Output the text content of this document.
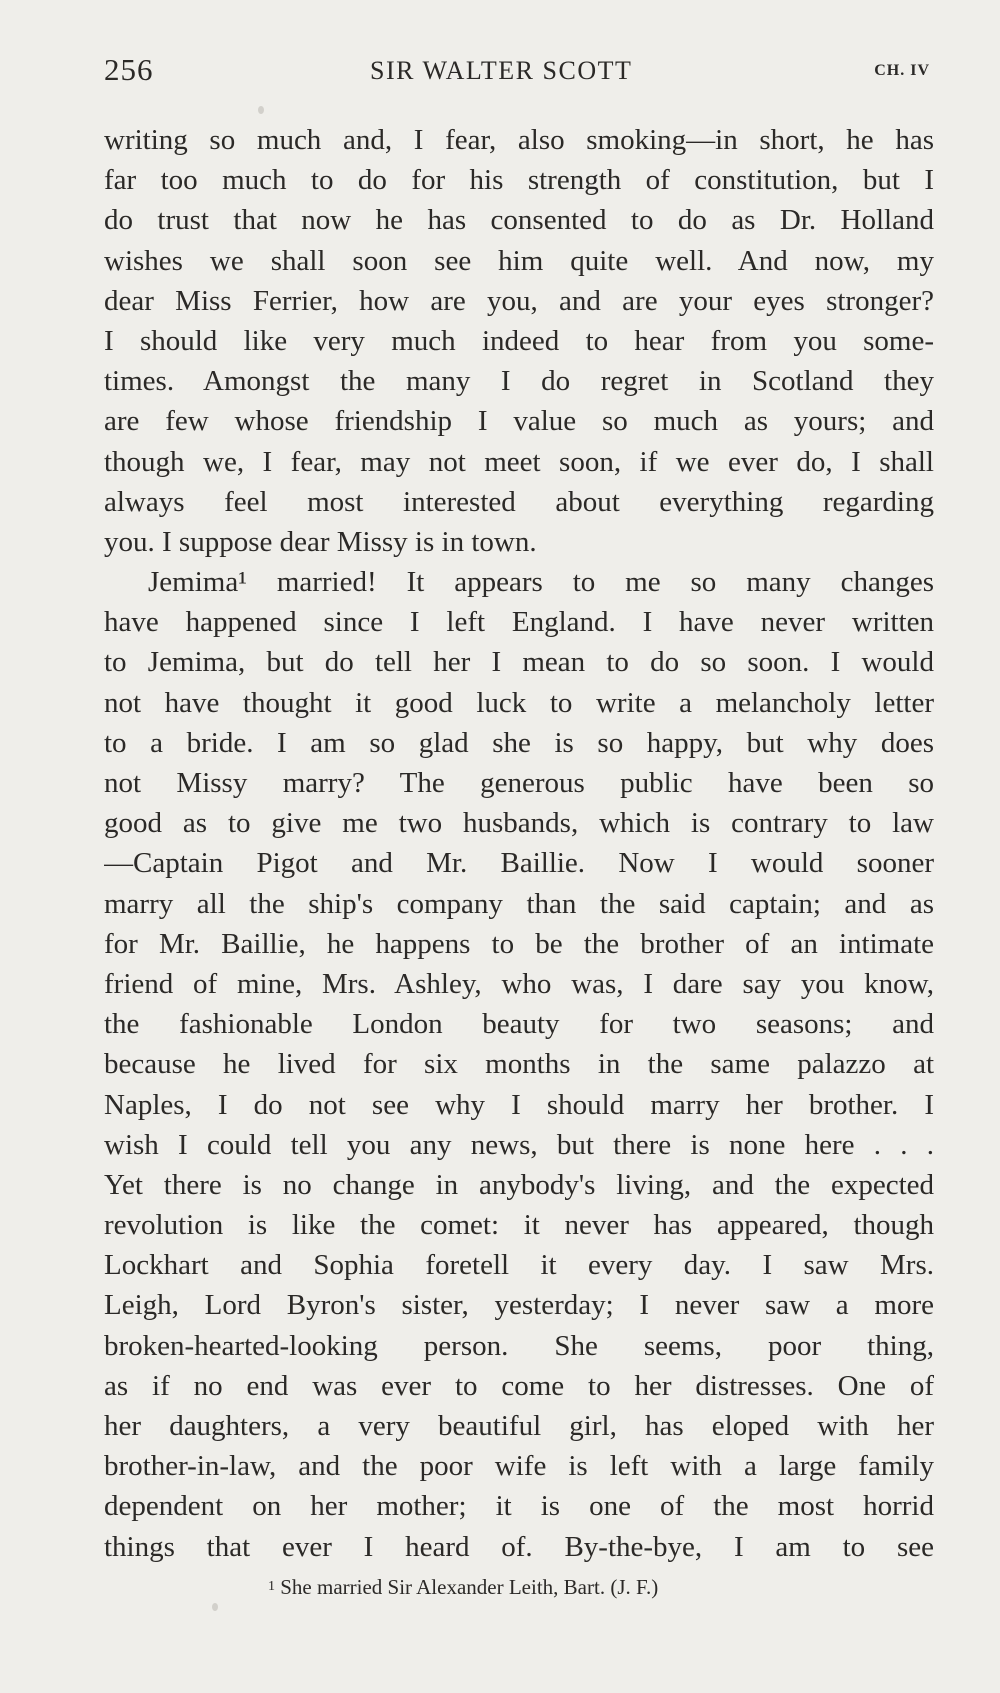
256	SIR WALTER SCOTT	CH. IV
writing so much and, I fear, also smoking—in short, he has
far too much to do for his strength of constitution, but I
do trust that now he has consented to do as Dr. Holland
wishes we shall soon see him quite well. And now, my
dear Miss Ferrier, how are you, and are your eyes stronger?
I should like very much indeed to hear from you some-
times. Amongst the many I do regret in Scotland they
are few whose friendship I value so much as yours; and
though we, I fear, may not meet soon, if we ever do, I shall
always feel most interested about everything regarding
you. I suppose dear Missy is in town.
Jemima¹ married! It appears to me so many changes
have happened since I left England. I have never written
to Jemima, but do tell her I mean to do so soon. I would
not have thought it good luck to write a melancholy letter
to a bride. I am so glad she is so happy, but why does
not Missy marry? The generous public have been so
good as to give me two husbands, which is contrary to law
—Captain Pigot and Mr. Baillie. Now I would sooner
marry all the ship's company than the said captain; and as
for Mr. Baillie, he happens to be the brother of an intimate
friend of mine, Mrs. Ashley, who was, I dare say you know,
the fashionable London beauty for two seasons; and
because he lived for six months in the same palazzo at
Naples, I do not see why I should marry her brother. I
wish I could tell you any news, but there is none here . . .
Yet there is no change in anybody's living, and the expected
revolution is like the comet: it never has appeared, though
Lockhart and Sophia foretell it every day. I saw Mrs.
Leigh, Lord Byron's sister, yesterday; I never saw a more
broken-hearted-looking person. She seems, poor thing,
as if no end was ever to come to her distresses. One of
her daughters, a very beautiful girl, has eloped with her
brother-in-law, and the poor wife is left with a large family
dependent on her mother; it is one of the most horrid
things that ever I heard of. By-the-bye, I am to see
$^1$ She married Sir Alexander Leith, Bart. (J. F.)
